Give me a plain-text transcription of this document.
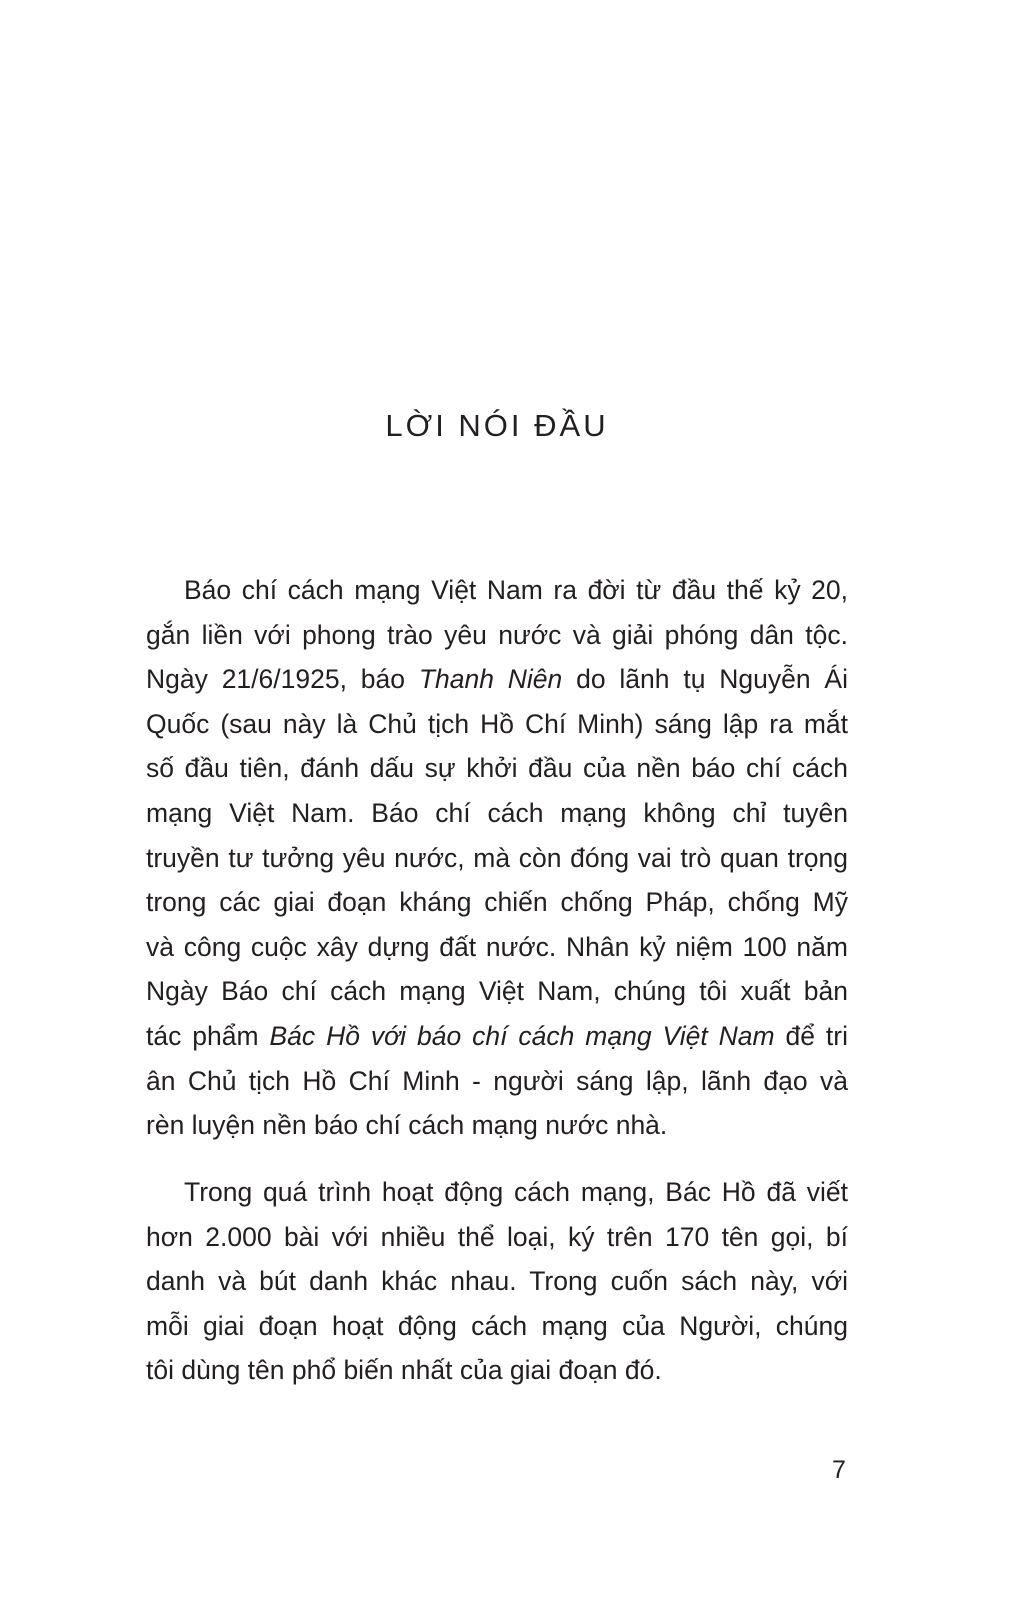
LỜI NÓI ĐẦU
Báo chí cách mạng Việt Nam ra đời từ đầu thế kỷ 20,
gắn liền với phong trào yêu nước và giải phóng dân tộc.
Ngày 21/6/1925, báo Thanh Niên do lãnh tụ Nguyễn Ái
Quốc (sau này là Chủ tịch Hồ Chí Minh) sáng lập ra mắt
số đầu tiên, đánh dấu sự khởi đầu của nền báo chí cách
mạng Việt Nam. Báo chí cách mạng không chỉ tuyên
truyền tư tưởng yêu nước, mà còn đóng vai trò quan trọng
trong các giai đoạn kháng chiến chống Pháp, chống Mỹ
và công cuộc xây dựng đất nước. Nhân kỷ niệm 100 năm
Ngày Báo chí cách mạng Việt Nam, chúng tôi xuất bản
tác phẩm Bác Hồ với báo chí cách mạng Việt Nam để tri
ân Chủ tịch Hồ Chí Minh - người sáng lập, lãnh đạo và
rèn luyện nền báo chí cách mạng nước nhà.
Trong quá trình hoạt động cách mạng, Bác Hồ đã viết
hơn 2.000 bài với nhiều thể loại, ký trên 170 tên gọi, bí
danh và bút danh khác nhau. Trong cuốn sách này, với
mỗi giai đoạn hoạt động cách mạng của Người, chúng
tôi dùng tên phổ biến nhất của giai đoạn đó.
7
